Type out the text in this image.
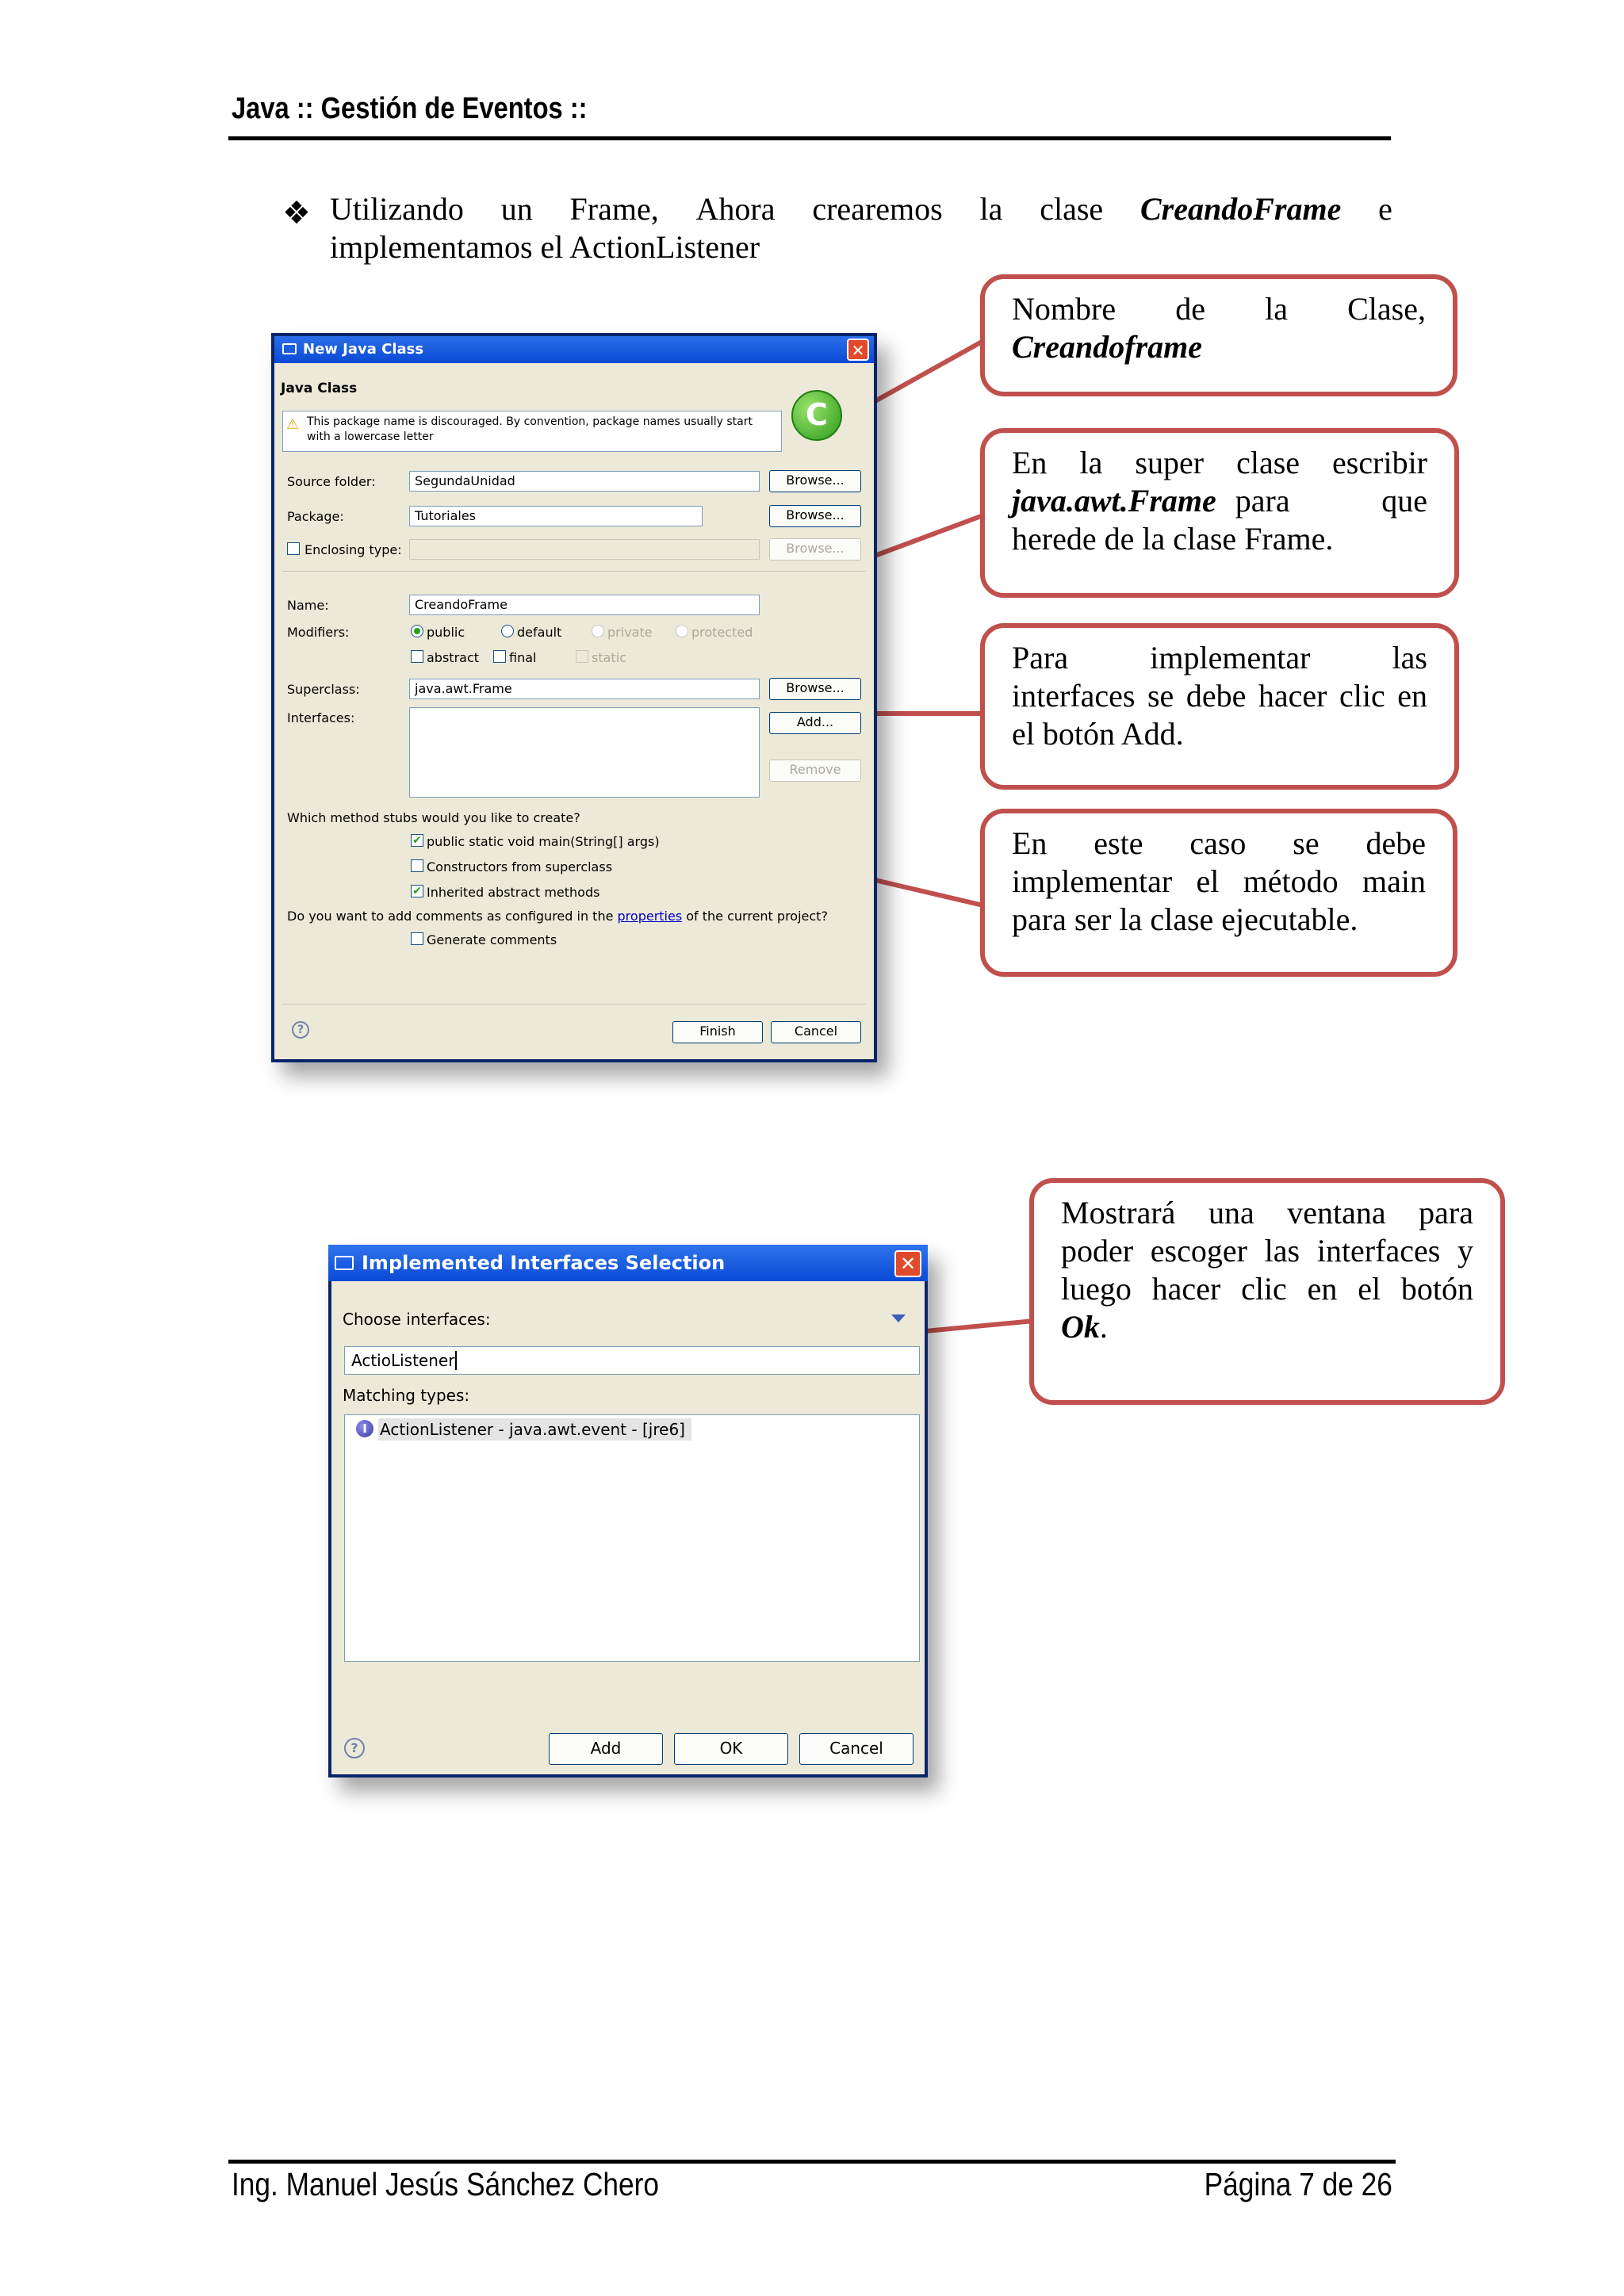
Java :: Gestión de Eventos ::
❖ Utilizando un Frame, Ahora crearemos la clase CreandoFrame e
implementamos el ActionListener
Nombre de la Clase,
Creandoframe
En la super clase escribir
java.awt.Frame para que
herede de la clase Frame.
Para implementar las
interfaces se debe hacer clic en
el botón Add.
En este caso se debe
implementar el método main
para ser la clase ejecutable.
Mostrará una ventana para
poder escoger las interfaces y
luego hacer clic en el botón
Ok.
New Java Class	✕
Java Class
⚠ This package name is discouraged. By convention, package names usually start with a lowercase letter
C
Source folder:	SegundaUnidad	Browse...
Package:	Tutoriales	Browse...
Enclosing type:	Browse...
Name:	CreandoFrame
Modifiers:	public	default	private	protected
abstract final	static
Superclass:	java.awt.Frame	Browse...
Interfaces:	Add...
Remove
Which method stubs would you like to create?
✔ public static void main(String[] args)
Constructors from superclass
✔ Inherited abstract methods
Do you want to add comments as configured in the properties of the current project?
Generate comments
?	Finish	Cancel
Implemented Interfaces Selection	✕
Choose interfaces:
ActioListener
Matching types:
I ActionListener - java.awt.event - [jre6]
?	Add	OK	Cancel
Ing. Manuel Jesús Sánchez Chero	Página 7 de 26
